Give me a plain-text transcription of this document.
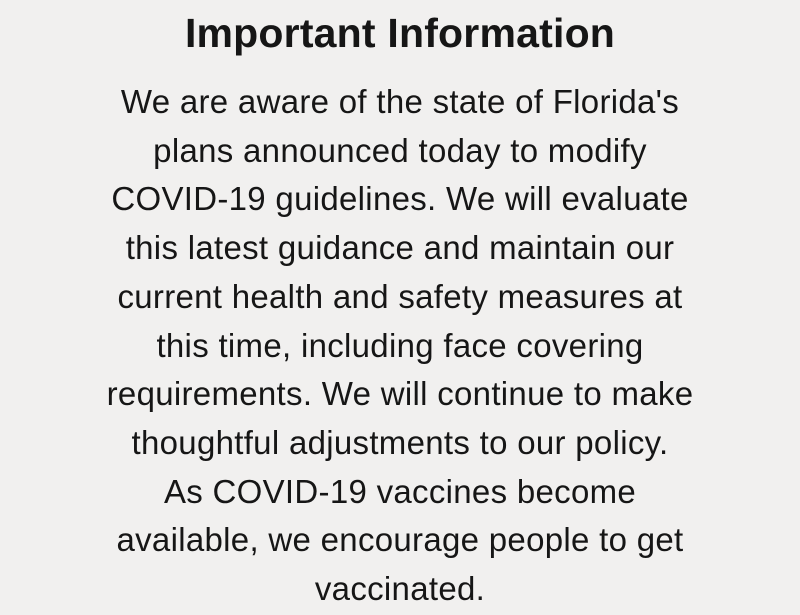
Important Information
We are aware of the state of Florida's
plans announced today to modify
COVID-19 guidelines. We will evaluate
this latest guidance and maintain our
current health and safety measures at
this time, including face covering
requirements. We will continue to make
thoughtful adjustments to our policy.
As COVID-19 vaccines become
available, we encourage people to get
vaccinated.
